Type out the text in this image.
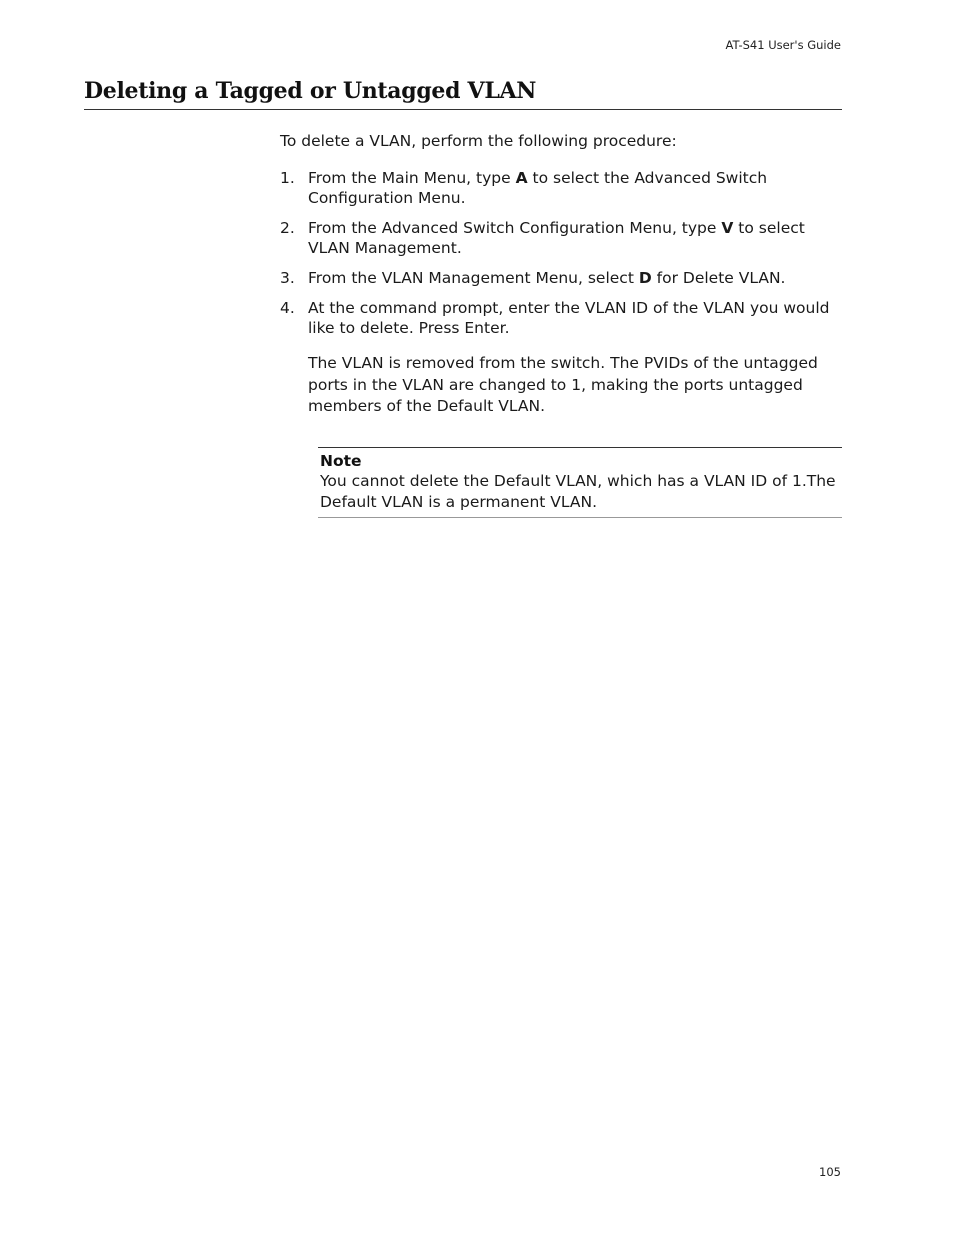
AT-S41 User's Guide
Deleting a Tagged or Untagged VLAN
To delete a VLAN, perform the following procedure:
1. From the Main Menu, type A to select the Advanced Switch Configuration Menu.
2. From the Advanced Switch Configuration Menu, type V to select VLAN Management.
3. From the VLAN Management Menu, select D for Delete VLAN.
4. At the command prompt, enter the VLAN ID of the VLAN you would like to delete. Press Enter.
The VLAN is removed from the switch. The PVIDs of the untagged ports in the VLAN are changed to 1, making the ports untagged members of the Default VLAN.
Note
You cannot delete the Default VLAN, which has a VLAN ID of 1.The Default VLAN is a permanent VLAN.
105
